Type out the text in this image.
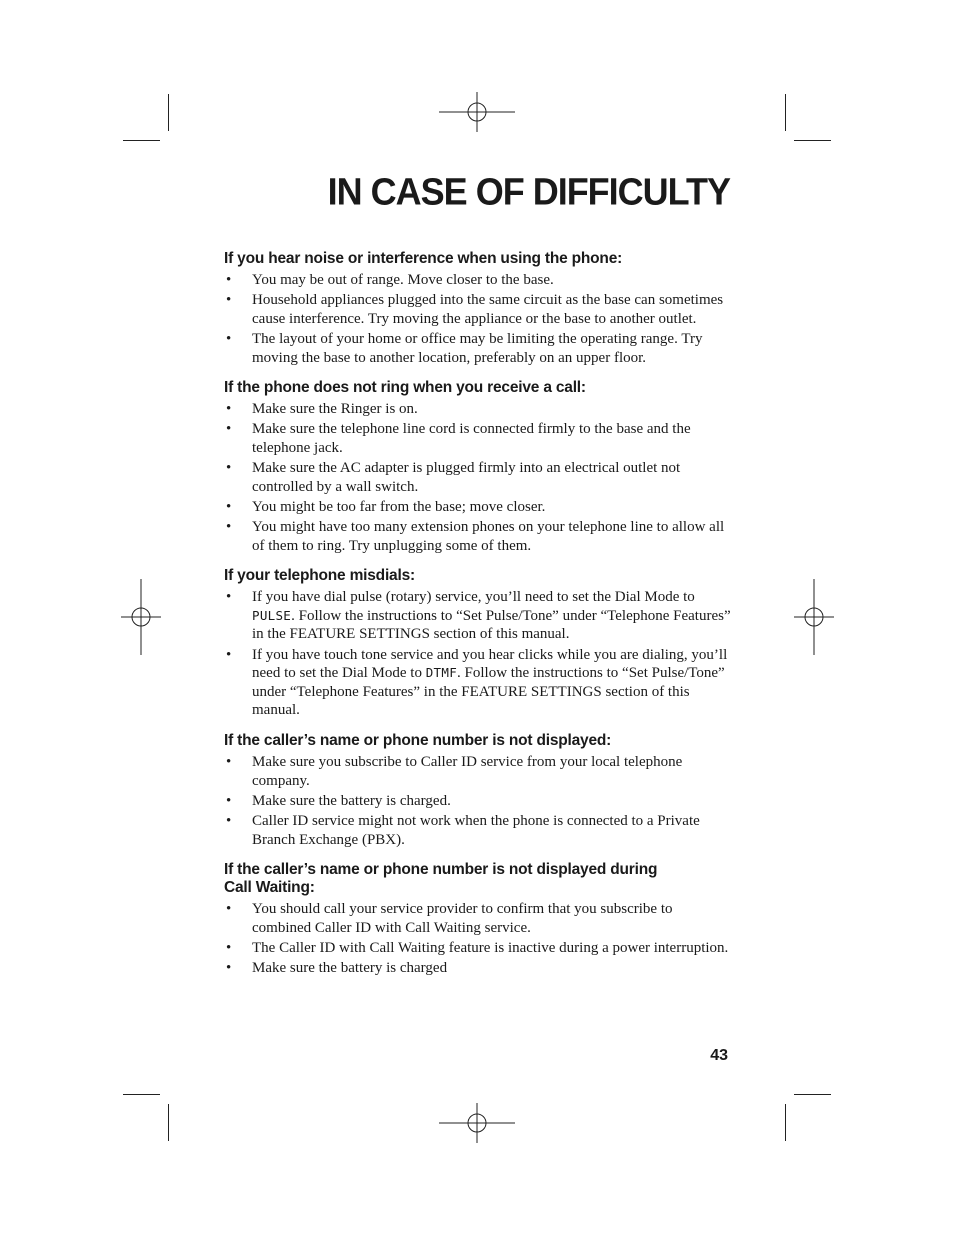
IN CASE OF DIFFICULTY
If you hear noise or interference when using the phone:
• You may be out of range. Move closer to the base.
• Household appliances plugged into the same circuit as the base can sometimes cause interference. Try moving the appliance or the base to another outlet.
• The layout of your home or office may be limiting the operating range. Try moving the base to another location, preferably on an upper floor.
If the phone does not ring when you receive a call:
• Make sure the Ringer is on.
• Make sure the telephone line cord is connected firmly to the base and the telephone jack.
• Make sure the AC adapter is plugged firmly into an electrical outlet not controlled by a wall switch.
• You might be too far from the base; move closer.
• You might have too many extension phones on your telephone line to allow all of them to ring. Try unplugging some of them.
If your telephone misdials:
• If you have dial pulse (rotary) service, you’ll need to set the Dial Mode to PULSE. Follow the instructions to “Set Pulse/Tone” under “Telephone Features” in the FEATURE SETTINGS section of this manual.
• If you have touch tone service and you hear clicks while you are dialing, you’ll need to set the Dial Mode to DTMF. Follow the instructions to “Set Pulse/Tone” under “Telephone Features” in the FEATURE SETTINGS section of this manual.
If the caller’s name or phone number is not displayed:
• Make sure you subscribe to Caller ID service from your local telephone company.
• Make sure the battery is charged.
• Caller ID service might not work when the phone is connected to a Private Branch Exchange (PBX).
If the caller’s name or phone number is not displayed during Call Waiting:
• You should call your service provider to confirm that you subscribe to combined Caller ID with Call Waiting service.
• The Caller ID with Call Waiting feature is inactive during a power interruption.
• Make sure the battery is charged
43
